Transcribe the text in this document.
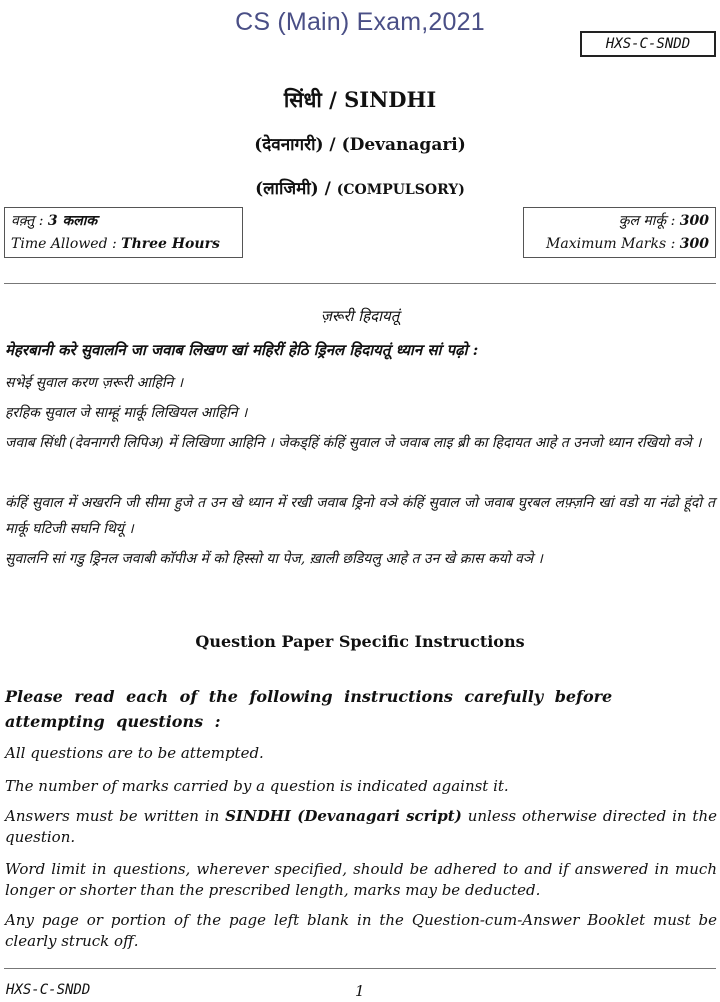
CS (Main) Exam,2021
HXS-C-SNDD
सिंधी / SINDHI
(देवनागरी) / (Devanagari)
(लाजिमी) / (COMPULSORY)
वक़्तु : 3 कलाक
Time Allowed : Three Hours
कुल मार्कू : 300
Maximum Marks : 300
ज़रूरी हिदायतूं
मेहरबानी करे सुवालनि जा जवाब लिखण खां महिरीं हेठि ड्रिनल हिदायतूं ध्यान सां पढ़ो :
सभेई सुवाल करण ज़रूरी आहिनि ।
हरहिक सुवाल जे साम्हूं मार्कू लिखियल आहिनि ।
जवाब सिंधी (देवनागरी लिपिअ) में लिखिणा आहिनि । जेकड्हिं कंहिं सुवाल जे जवाब लाइ ब्री का हिदायत आहे त उनजो ध्यान रखियो वञे ।
कंहिं सुवाल में अखरनि जी सीमा हुजे त उन खे ध्यान में रखी जवाब ड्रिनो वञे कंहिं सुवाल जो जवाब घुरबल लफ़्ज़नि खां वडो या नंढो हूंदो त मार्कू घटिजी सघनि थियूं ।
सुवालनि सां गडु ड्रिनल जवाबी कॉपीअ में को हिस्सो या पेज, ख़ाली छडियलु आहे त उन खे क्रास कयो वञे ।
Question Paper Specific Instructions
Please read each of the following instructions carefully before attempting questions :
All questions are to be attempted.
The number of marks carried by a question is indicated against it.
Answers must be written in SINDHI (Devanagari script) unless otherwise directed in the question.
Word limit in questions, wherever specified, should be adhered to and if answered in much longer or shorter than the prescribed length, marks may be deducted.
Any page or portion of the page left blank in the Question-cum-Answer Booklet must be clearly struck off.
HXS-C-SNDD	1
